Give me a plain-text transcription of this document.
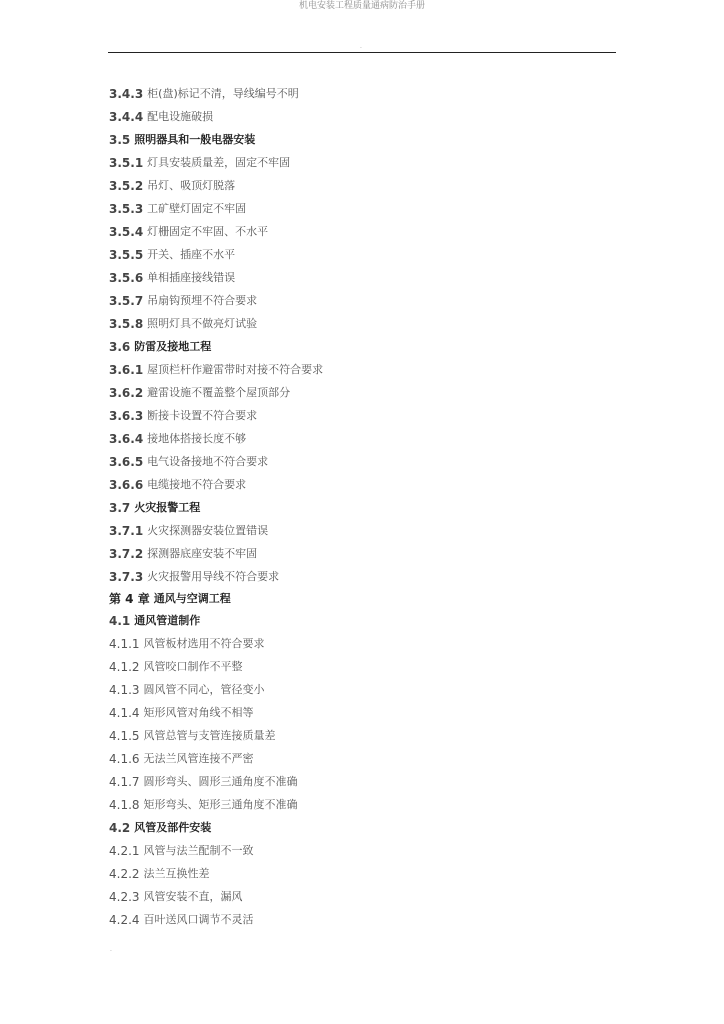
机电安装工程质量通病防治手册
.
3.4.3 柜(盘)标记不清，导线编号不明
3.4.4 配电设施破损
3.5 照明器具和一般电器安装
3.5.1 灯具安装质量差，固定不牢固
3.5.2 吊灯、吸顶灯脱落
3.5.3 工矿壁灯固定不牢固
3.5.4 灯栅固定不牢固、不水平
3.5.5 开关、插座不水平
3.5.6 单相插座接线错误
3.5.7 吊扇钩预埋不符合要求
3.5.8 照明灯具不做亮灯试验
3.6 防雷及接地工程
3.6.1 屋顶栏杆作避雷带时对接不符合要求
3.6.2 避雷设施不覆盖整个屋顶部分
3.6.3 断接卡设置不符合要求
3.6.4 接地体搭接长度不够
3.6.5 电气设备接地不符合要求
3.6.6 电缆接地不符合要求
3.7 火灾报警工程
3.7.1 火灾探测器安装位置错误
3.7.2 探测器底座安装不牢固
3.7.3 火灾报警用导线不符合要求
第 4 章 通风与空调工程
4.1 通风管道制作
4.1.1 风管板材选用不符合要求
4.1.2 风管咬口制作不平整
4.1.3 圆风管不同心，管径变小
4.1.4 矩形风管对角线不相等
4.1.5 风管总管与支管连接质量差
4.1.6 无法兰风管连接不严密
4.1.7 圆形弯头、圆形三通角度不准确
4.1.8 矩形弯头、矩形三通角度不准确
4.2 风管及部件安装
4.2.1 风管与法兰配制不一致
4.2.2 法兰互换性差
4.2.3 风管安装不直，漏风
4.2.4 百叶送风口调节不灵活
.
